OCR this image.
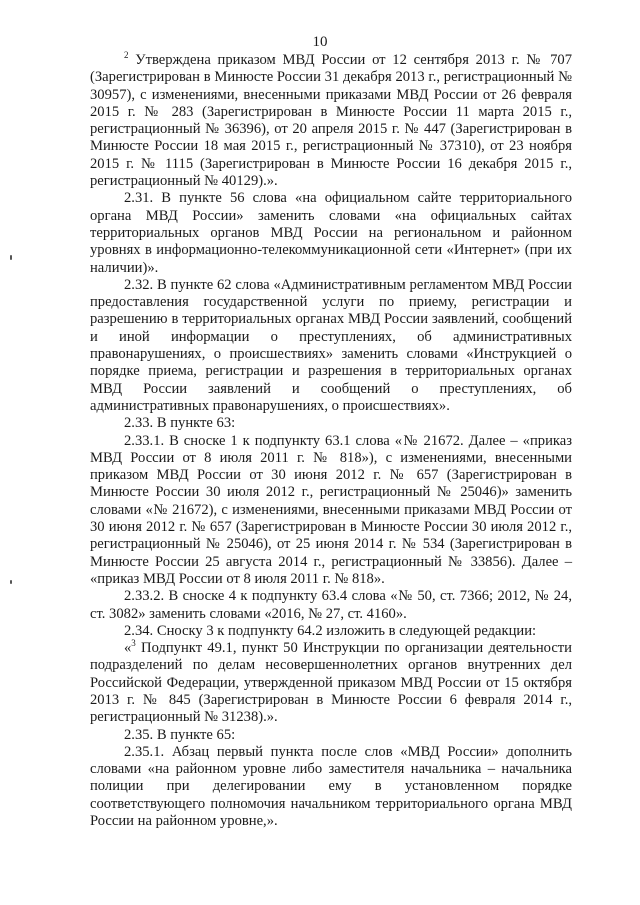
10

$^2$ Утверждена приказом МВД России от 12 сентября 2013 г. № 707 (Зарегистрирован в Минюсте России 31 декабря 2013 г., регистрационный № 30957), с изменениями, внесенными приказами МВД России от 26 февраля 2015 г. № 283 (Зарегистрирован в Минюсте России 11 марта 2015 г., регистрационный № 36396), от 20 апреля 2015 г. № 447 (Зарегистрирован в Минюсте России 18 мая 2015 г., регистрационный № 37310), от 23 ноября 2015 г. № 1115 (Зарегистрирован в Минюсте России 16 декабря 2015 г., регистрационный № 40129).».

2.31. В пункте 56 слова «на официальном сайте территориального органа МВД России» заменить словами «на официальных сайтах территориальных органов МВД России на региональном и районном уровнях в информационно-телекоммуникационной сети «Интернет» (при их наличии)».

2.32. В пункте 62 слова «Административным регламентом МВД России предоставления государственной услуги по приему, регистрации и разрешению в территориальных органах МВД России заявлений, сообщений и иной информации о преступлениях, об административных правонарушениях, о происшествиях» заменить словами «Инструкцией о порядке приема, регистрации и разрешения в территориальных органах МВД России заявлений и сообщений о преступлениях, об административных правонарушениях, о происшествиях».

2.33. В пункте 63:

2.33.1. В сноске 1 к подпункту 63.1 слова «№ 21672. Далее – «приказ МВД России от 8 июля 2011 г. № 818»), с изменениями, внесенными приказом МВД России от 30 июня 2012 г. № 657 (Зарегистрирован в Минюсте России 30 июля 2012 г., регистрационный № 25046)» заменить словами «№ 21672), с изменениями, внесенными приказами МВД России от 30 июня 2012 г. № 657 (Зарегистрирован в Минюсте России 30 июля 2012 г., регистрационный № 25046), от 25 июня 2014 г. № 534 (Зарегистрирован в Минюсте России 25 августа 2014 г., регистрационный № 33856). Далее – «приказ МВД России от 8 июля 2011 г. № 818».

2.33.2. В сноске 4 к подпункту 63.4 слова «№ 50, ст. 7366; 2012, № 24, ст. 3082» заменить словами «2016, № 27, ст. 4160».

2.34. Сноску 3 к подпункту 64.2 изложить в следующей редакции:

«$^3$ Подпункт 49.1, пункт 50 Инструкции по организации деятельности подразделений по делам несовершеннолетних органов внутренних дел Российской Федерации, утвержденной приказом МВД России от 15 октября 2013 г. № 845 (Зарегистрирован в Минюсте России 6 февраля 2014 г., регистрационный № 31238).».

2.35. В пункте 65:

2.35.1. Абзац первый пункта после слов «МВД России» дополнить словами «на районном уровне либо заместителя начальника – начальника полиции при делегировании ему в установленном порядке соответствующего полномочия начальником территориального органа МВД России на районном уровне,».
